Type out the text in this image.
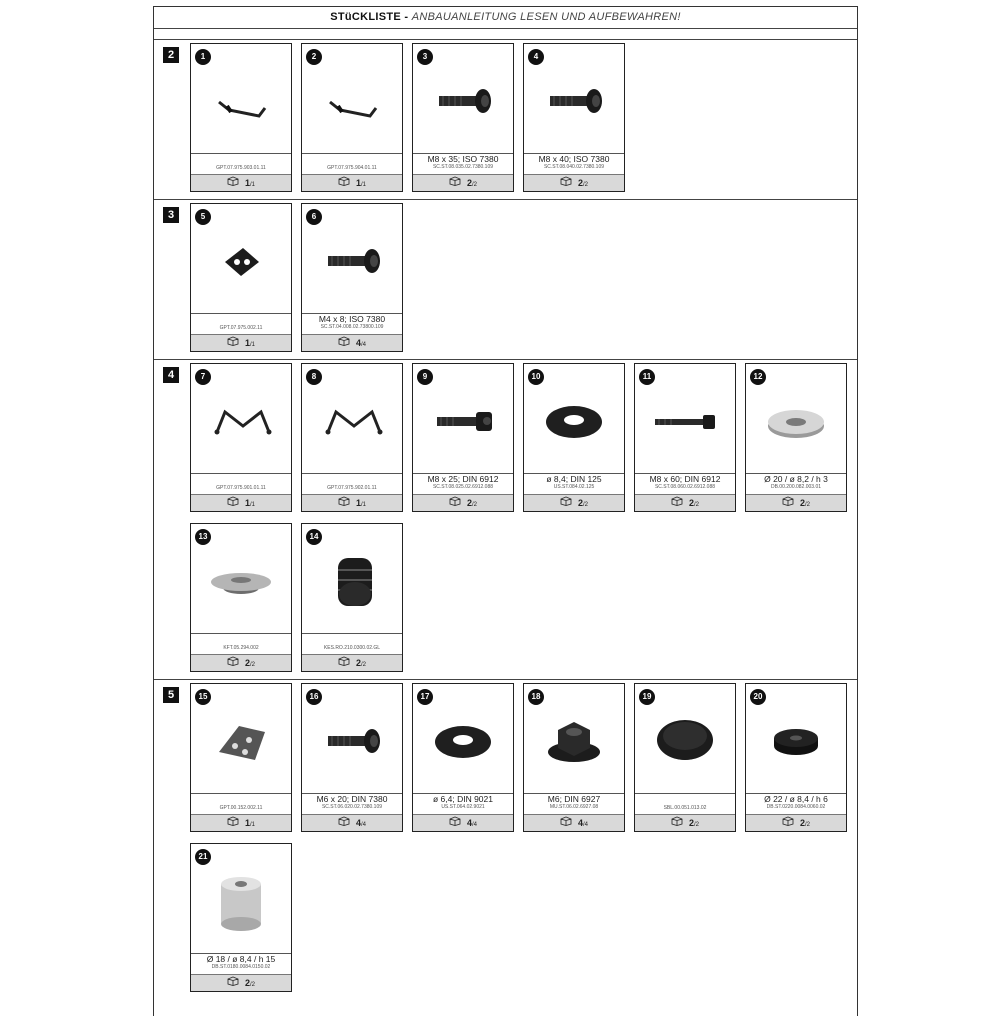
STüCKLISTE - ANBAUANLEITUNG LESEN UND AUFBEWAHREN!
2
3
4
5
1
GPT.07.975.903.01.11
1/1
2
GPT.07.975.904.01.11
1/1
3
M8 x 35; ISO 7380
SC.ST.08.035.02.7380.109
2/2
4
M8 x 40; ISO 7380
SC.ST.08.040.02.7380.109
2/2
5
GPT.07.975.002.11
1/1
6
M4 x 8; ISO 7380
SC.ST.04.008.02.73800.109
4/4
7
GPT.07.975.901.01.11
1/1
8
GPT.07.975.902.01.11
1/1
9
M8 x 25; DIN 6912
SC.ST.08.025.02.6912.088
2/2
10
ø 8,4; DIN 125
US.ST.084.02.125
2/2
11
M8 x 60; DIN 6912
SC.ST.08.060.02.6912.088
2/2
12
Ø 20 / ø 8,2 / h 3
DB.00.200.082.003.01
2/2
13
KFT.05.294.002
2/2
14
KES.RO.210.0300.02.GL
2/2
15
GPT.00.152.002.11
1/1
16
M6 x 20; DIN 7380
SC.ST.06.020.02.7380.109
4/4
17
ø 6,4; DIN 9021
US.ST.064.02.9021
4/4
18
M6; DIN 6927
MU.ST.06.02.6927.08
4/4
19
SBL.00.051.013.02
2/2
20
Ø 22 / ø 8,4 / h 6
DB.ST.0220.0084.0060.02
2/2
21
Ø 18 / ø 8,4 / h 15
DB.ST.0180.0084.0150.02
2/2
